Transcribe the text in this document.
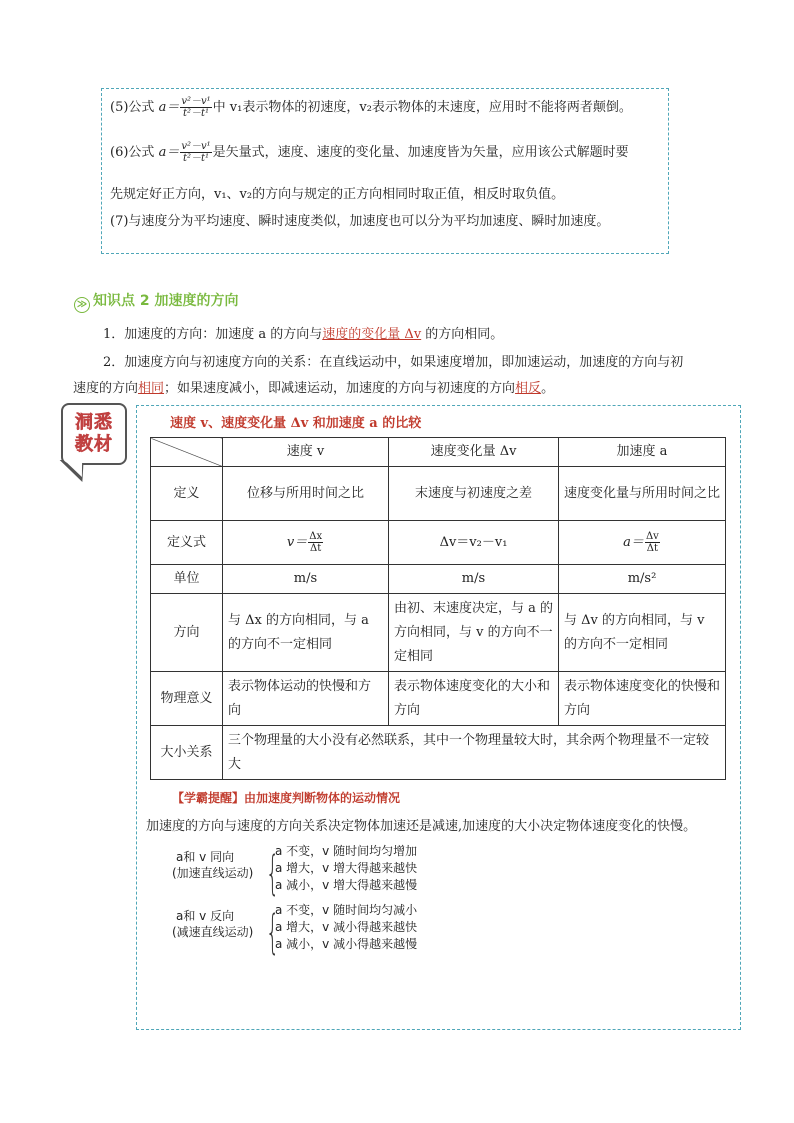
(5)公式 $a= \frac{\text{v²－v¹}}{\text{t²－t¹}}$ 中 v₁表示物体的初速度，v₂表示物体的末速度，应用时不能将两者颠倒。
(6)公式 $a= \frac{\text{v²－v¹}}{\text{t²－t¹}}$ 是矢量式，速度、速度的变化量、加速度皆为矢量，应用该公式解题时要
先规定好正方向，v₁、v₂的方向与规定的正方向相同时取正值，相反时取负值。
(7)与速度分为平均速度、瞬时速度类似，加速度也可以分为平均加速度、瞬时加速度。
≫ 知识点 2 加速度的方向
1．加速度的方向：加速度 a 的方向与速度的变化量 Δv 的方向相同。
2．加速度方向与初速度方向的关系：在直线运动中，如果速度增加，即加速运动，加速度的方向与初
速度的方向相同；如果速度减小，即减速运动，加速度的方向与初速度的方向相反。
洞悉
教材
速度 v、速度变化量 Δv 和加速度 a 的比较
	速度 v	速度变化量 Δv	加速度 a
定义	位移与所用时间之比	末速度与初速度之差	速度变化量与所用时间之比
定义式	$v= \frac{\Delta x}{\Delta t}$	Δv＝v₂－v₁	$a= \frac{\Delta v}{\Delta t}$

单位	m/s	m/s	m/s²
方向	与 Δx 的方向相同，与 a 的方向不一定相同	由初、末速度决定，与 a 的方向相同，与 v 的方向不一定相同	与 Δv 的方向相同，与 v 的方向不一定相同
物理意义	表示物体运动的快慢和方向	表示物体速度变化的大小和方向	表示物体速度变化的快慢和方向
大小关系	三个物理量的大小没有必然联系，其中一个物理量较大时，其余两个物理量不一定较大		
【学霸提醒】由加速度判断物体的运动情况
加速度的方向与速度的方向关系决定物体加速还是减速,加速度的大小决定物体速度变化的快慢。
a和 v 同向
(加速直线运动) {
a 不变，v 随时间均匀增加
a 增大，v 增大得越来越快
a 减小，v 增大得越来越慢
a和 v 反向
(减速直线运动) {
a 不变，v 随时间均匀减小
a 增大，v 减小得越来越快
a 减小，v 减小得越来越慢
